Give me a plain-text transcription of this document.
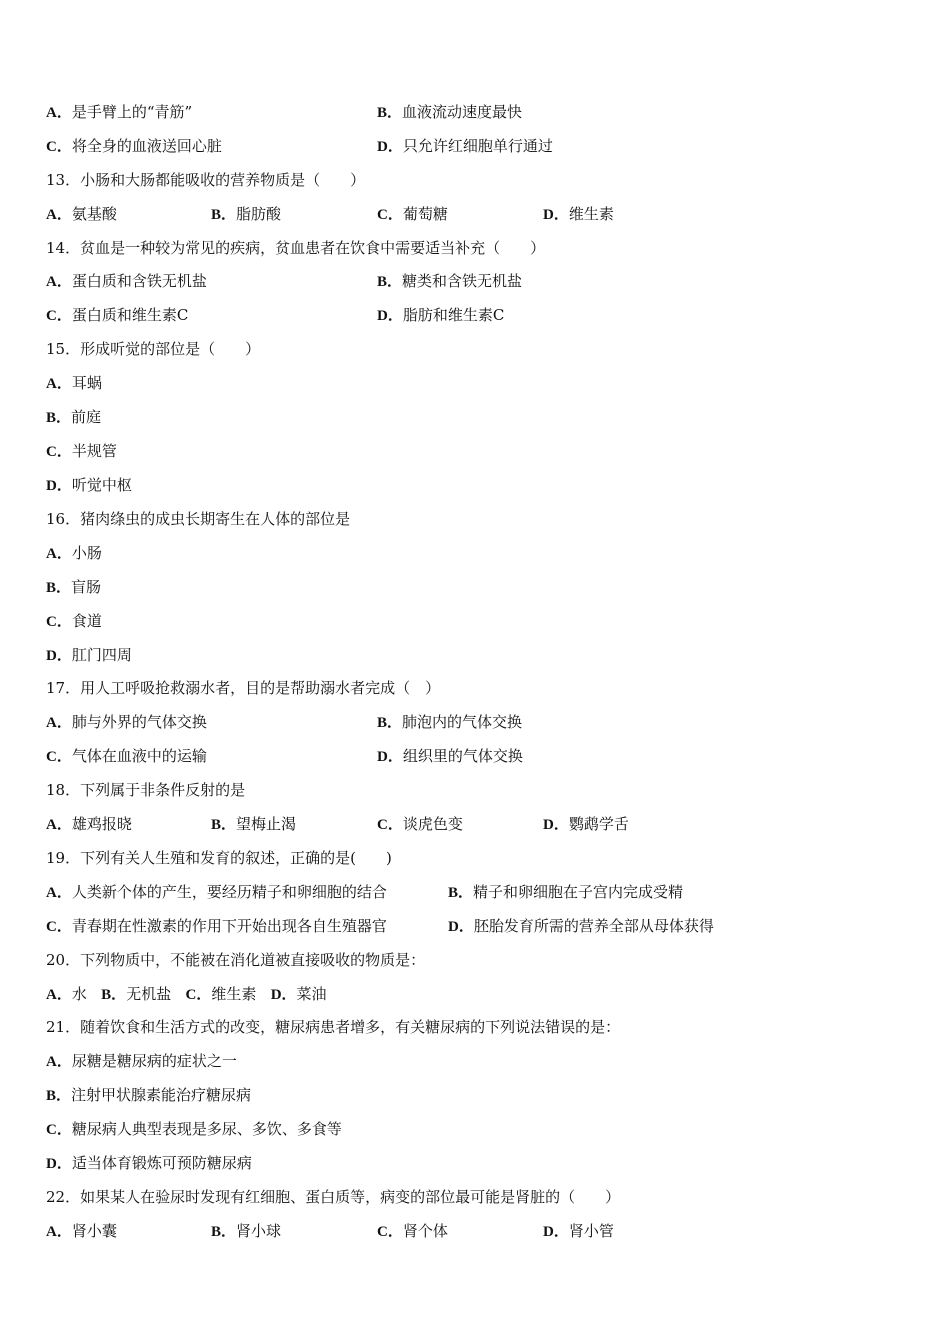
A．是手臂上的“青筋”	B．血液流动速度最快
C．将全身的血液送回心脏	D．只允许红细胞单行通过
13．小肠和大肠都能吸收的营养物质是（　　）
A．氨基酸	B．脂肪酸	C．葡萄糖	D．维生素
14．贫血是一种较为常见的疾病，贫血患者在饮食中需要适当补充（　　）
A．蛋白质和含铁无机盐	B．糖类和含铁无机盐
C．蛋白质和维生素C	D．脂肪和维生素C
15．形成听觉的部位是（　　）
A．耳蜗
B．前庭
C．半规管
D．听觉中枢
16．猪肉绦虫的成虫长期寄生在人体的部位是
A．小肠
B．盲肠
C．食道
D．肛门四周
17．用人工呼吸抢救溺水者，目的是帮助溺水者完成（　）
A．肺与外界的气体交换	B．肺泡内的气体交换
C．气体在血液中的运输	D．组织里的气体交换
18．下列属于非条件反射的是
A．雄鸡报晓	B．望梅止渴	C．谈虎色变	D．鹦鹉学舌
19．下列有关人生殖和发育的叙述，正确的是(　　)
A．人类新个体的产生，要经历精子和卵细胞的结合	B．精子和卵细胞在子宫内完成受精
C．青春期在性激素的作用下开始出现各自生殖器官	D．胚胎发育所需的营养全部从母体获得
20．下列物质中，不能被在消化道被直接吸收的物质是：
A．水 B．无机盐 C．维生素 D．菜油
21．随着饮食和生活方式的改变，糖尿病患者增多，有关糖尿病的下列说法错误的是：
A．尿糖是糖尿病的症状之一
B．注射甲状腺素能治疗糖尿病
C．糖尿病人典型表现是多尿、多饮、多食等
D．适当体育锻炼可预防糖尿病
22．如果某人在验尿时发现有红细胞、蛋白质等，病变的部位最可能是肾脏的（　　）
A．肾小囊	B．肾小球	C．肾个体	D．肾小管
